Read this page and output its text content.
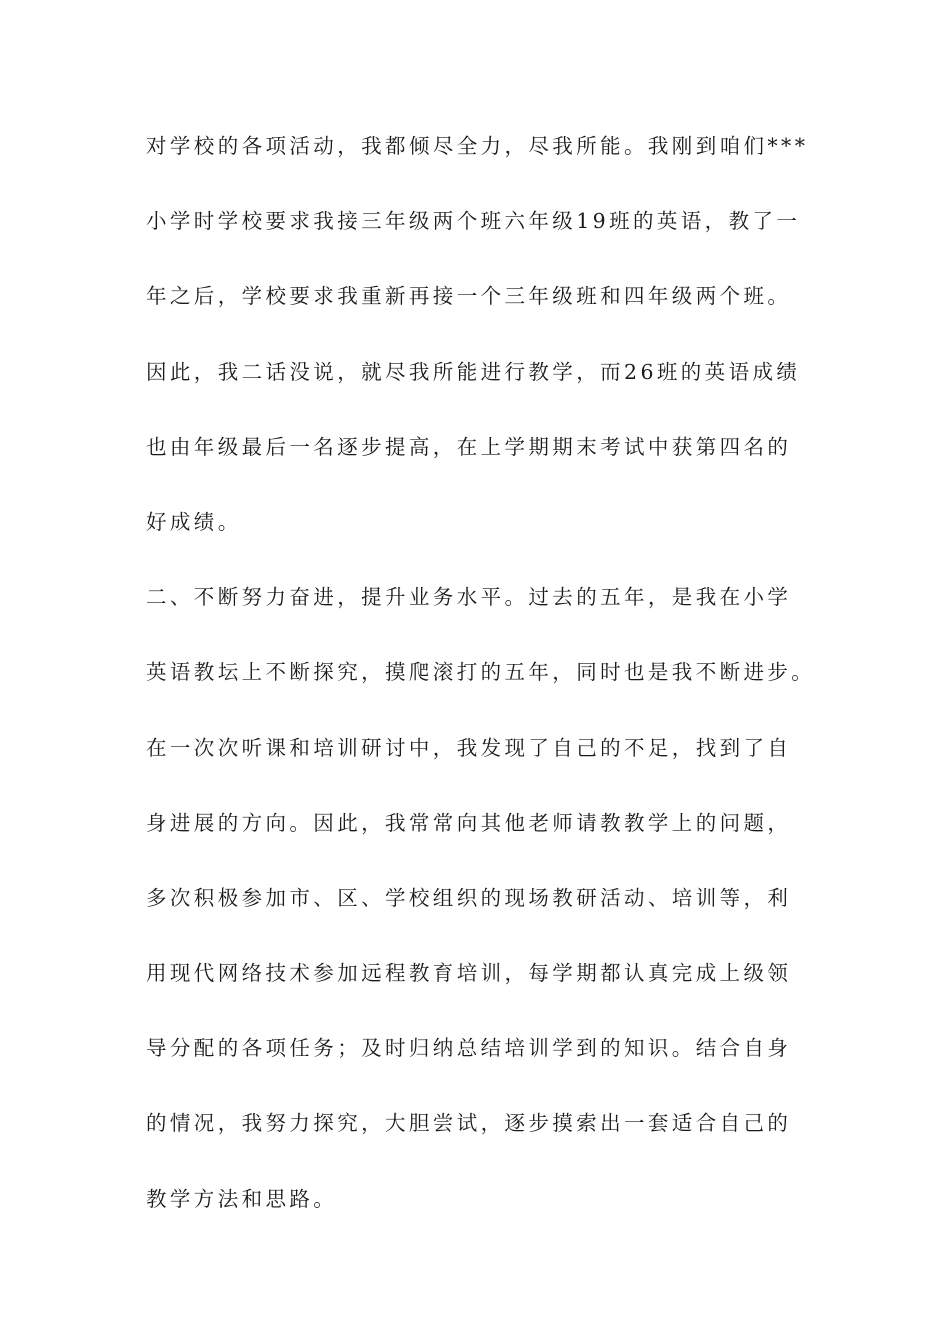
对学校的各项活动，我都倾尽全力，尽我所能。我刚到咱们***
小学时学校要求我接三年级两个班六年级19班的英语，教了一
年之后，学校要求我重新再接一个三年级班和四年级两个班。
因此，我二话没说，就尽我所能进行教学，而26班的英语成绩
也由年级最后一名逐步提高，在上学期期末考试中获第四名的
好成绩。
二、不断努力奋进，提升业务水平。过去的五年，是我在小学
英语教坛上不断探究，摸爬滚打的五年，同时也是我不断进步。
在一次次听课和培训研讨中，我发现了自己的不足，找到了自
身进展的方向。因此，我常常向其他老师请教教学上的问题，
多次积极参加市、区、学校组织的现场教研活动、培训等，利
用现代网络技术参加远程教育培训，每学期都认真完成上级领
导分配的各项任务；及时归纳总结培训学到的知识。结合自身
的情况，我努力探究，大胆尝试，逐步摸索出一套适合自己的
教学方法和思路。
